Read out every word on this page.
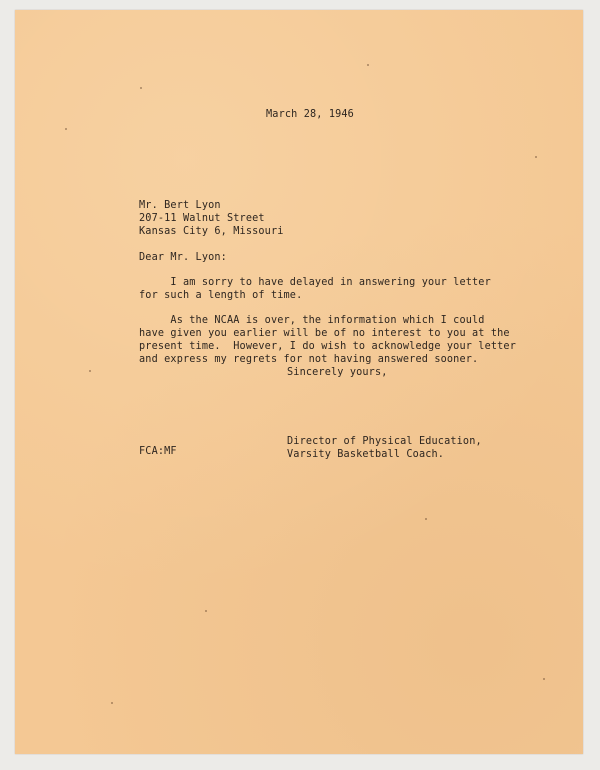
March 28, 1946
Mr. Bert Lyon
207-11 Walnut Street
Kansas City 6, Missouri
Dear Mr. Lyon:
I am sorry to have delayed in answering your letter
for such a length of time.
As the NCAA is over, the information which I could
have given you earlier will be of no interest to you at the
present time.  However, I do wish to acknowledge your letter
and express my regrets for not having answered sooner.
Sincerely yours,
Director of Physical Education,
Varsity Basketball Coach.
FCA:MF
